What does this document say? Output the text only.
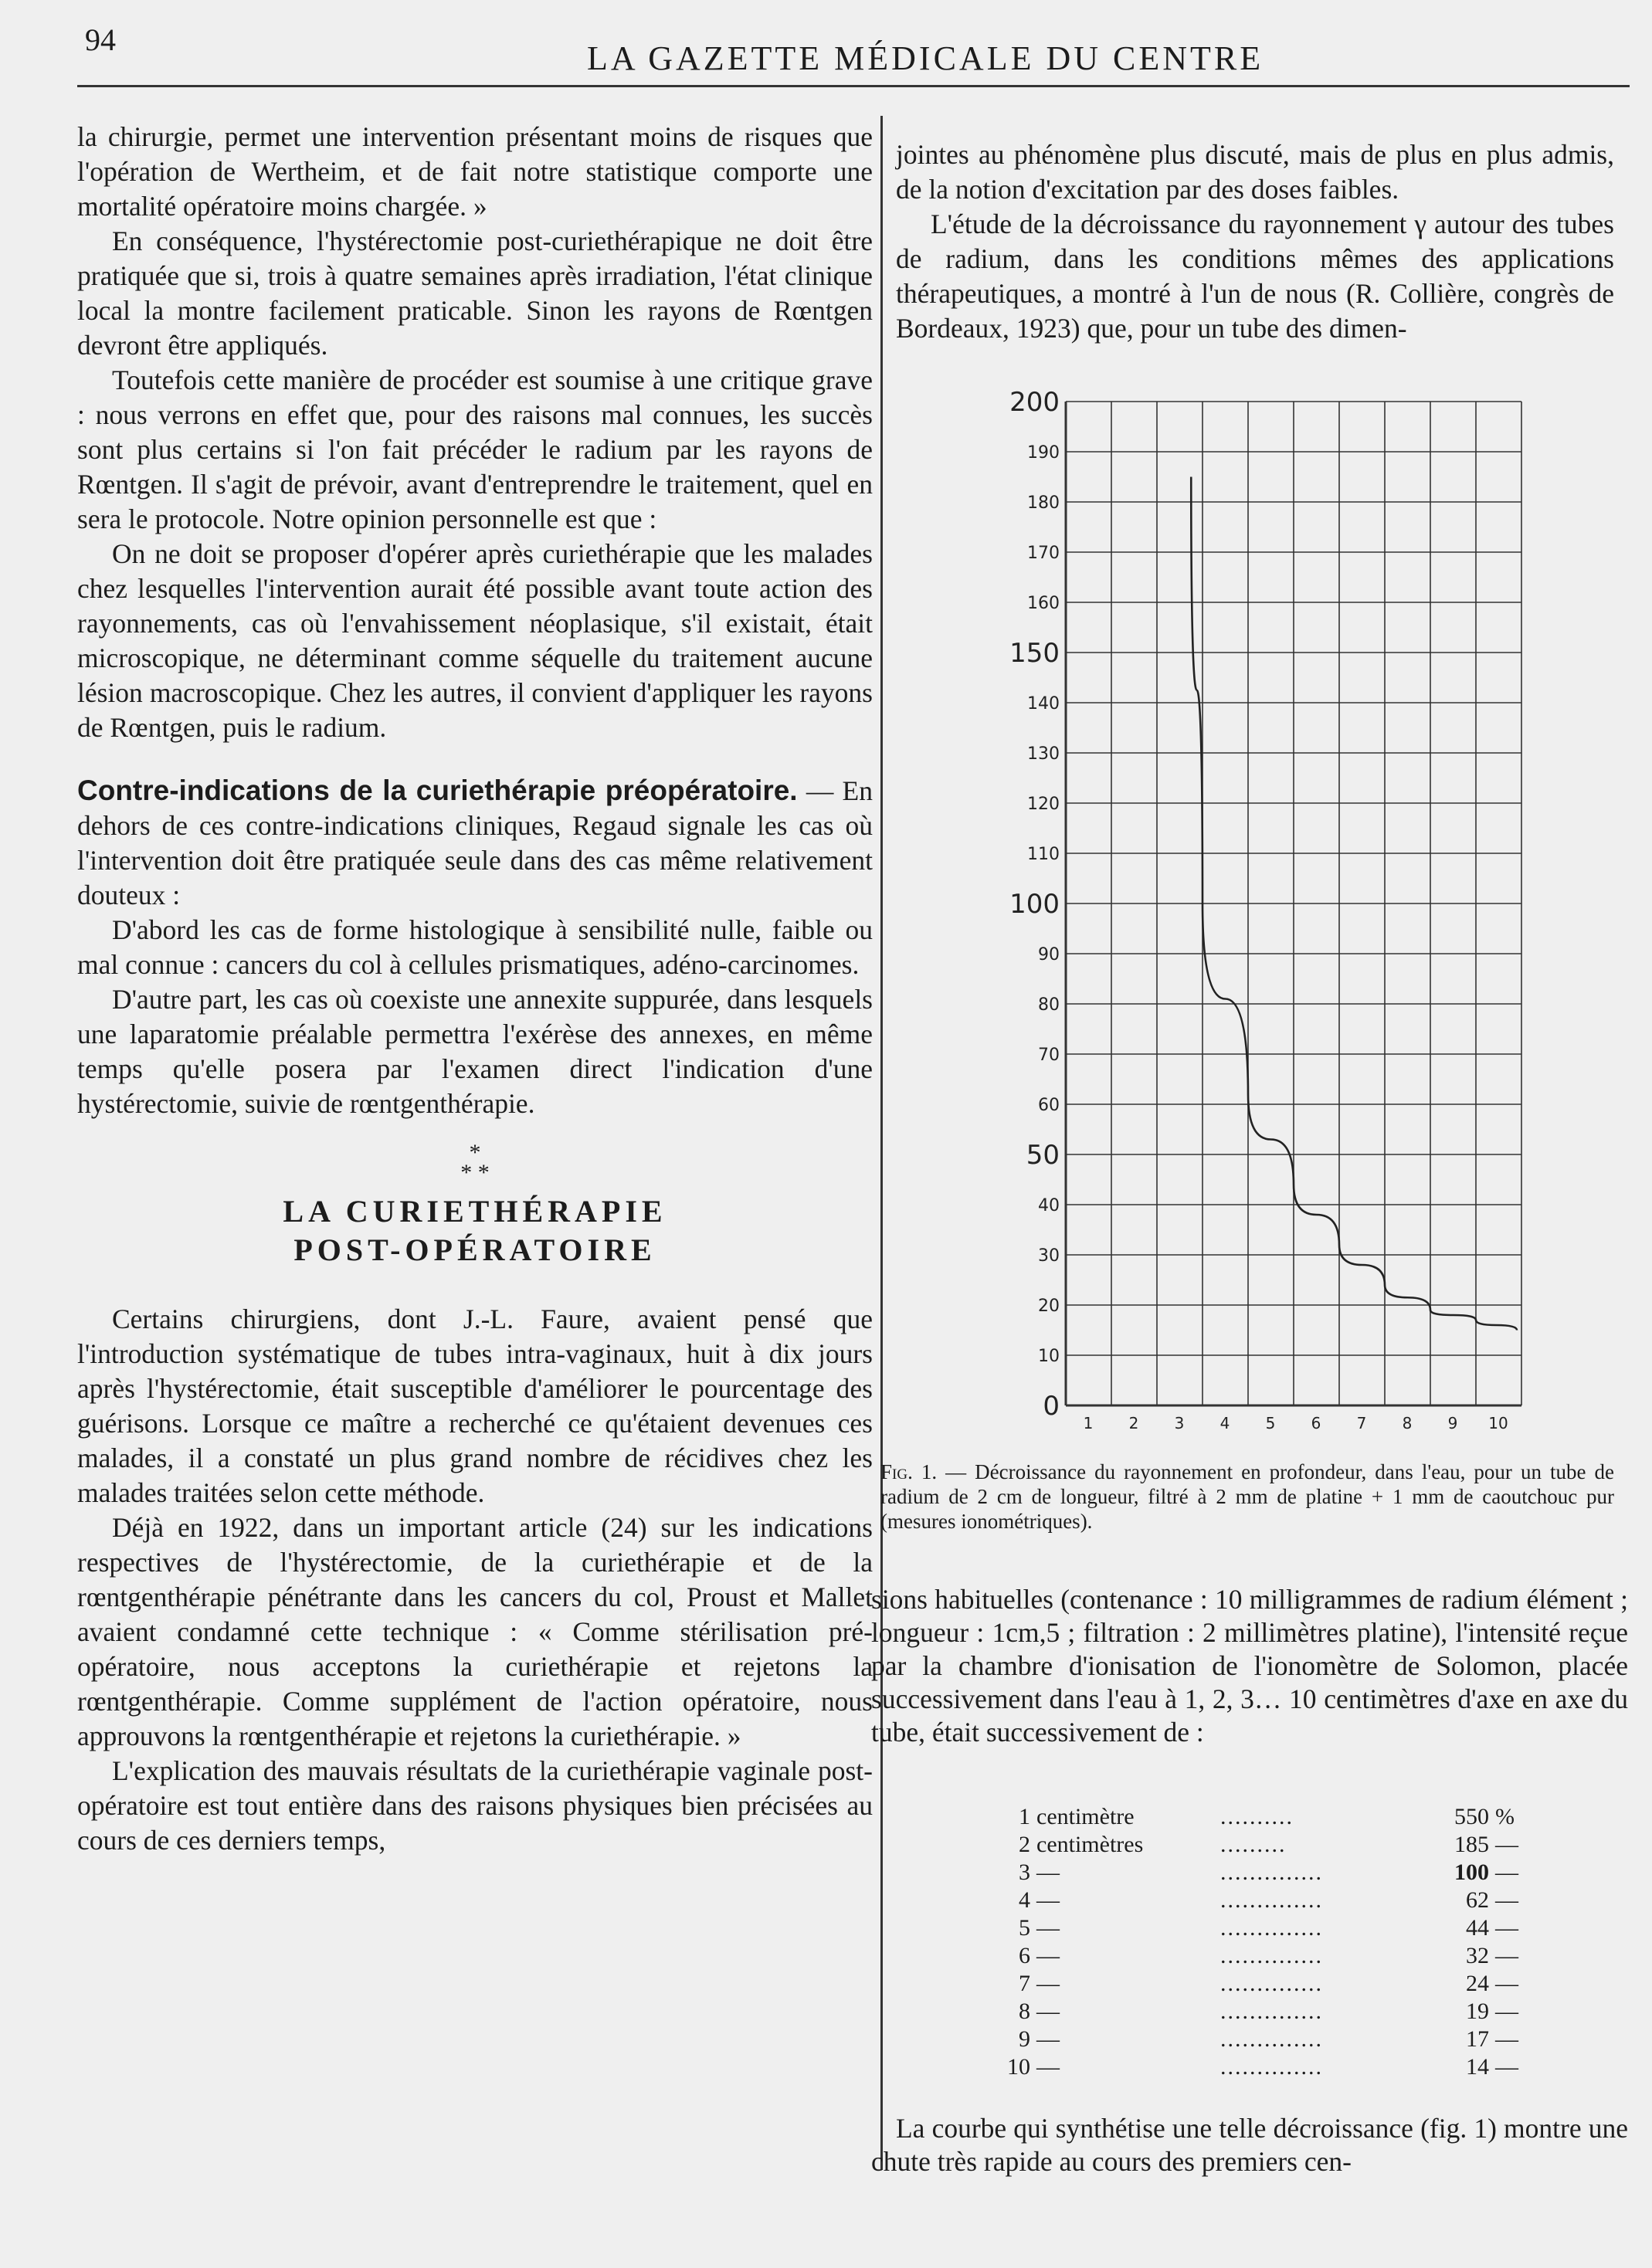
94	LA GAZETTE MÉDICALE DU CENTRE

la chirurgie, permet une intervention présentant moins de risques que l'opération de Wertheim, et de fait notre statistique comporte une mortalité opératoire moins chargée. »

En conséquence, l'hystérectomie post-curiethérapique ne doit être pratiquée que si, trois à quatre semaines après irradiation, l'état clinique local la montre facilement praticable. Sinon les rayons de Rœntgen devront être appliqués.

Toutefois cette manière de procéder est soumise à une critique grave : nous verrons en effet que, pour des raisons mal connues, les succès sont plus certains si l'on fait précéder le radium par les rayons de Rœntgen. Il s'agit de prévoir, avant d'entreprendre le traitement, quel en sera le protocole. Notre opinion personnelle est que :

On ne doit se proposer d'opérer après curiethérapie que les malades chez lesquelles l'intervention aurait été possible avant toute action des rayonnements, cas où l'envahissement néoplasique, s'il existait, était microscopique, ne déterminant comme séquelle du traitement aucune lésion macroscopique. Chez les autres, il convient d'appliquer les rayons de Rœntgen, puis le radium.

Contre-indications de la curiethérapie préopératoire. — En dehors de ces contre-indications cliniques, Regaud signale les cas où l'intervention doit être pratiquée seule dans des cas même relativement douteux :

D'abord les cas de forme histologique à sensibilité nulle, faible ou mal connue : cancers du col à cellules prismatiques, adéno-carcinomes.

D'autre part, les cas où coexiste une annexite suppurée, dans lesquels une laparatomie préalable permettra l'exérèse des annexes, en même temps qu'elle posera par l'examen direct l'indication d'une hystérectomie, suivie de rœntgenthérapie.

*
* *
LA CURIETHÉRAPIE
POST-OPÉRATOIRE

Certains chirurgiens, dont J.-L. Faure, avaient pensé que l'introduction systématique de tubes intra-vaginaux, huit à dix jours après l'hystérectomie, était susceptible d'améliorer le pourcentage des guérisons. Lorsque ce maître a recherché ce qu'étaient devenues ces malades, il a constaté un plus grand nombre de récidives chez les malades traitées selon cette méthode.

Déjà en 1922, dans un important article (24) sur les indications respectives de l'hystérectomie, de la curiethérapie et de la rœntgenthérapie pénétrante dans les cancers du col, Proust et Mallet avaient condamné cette technique : « Comme stérilisation pré-opératoire, nous acceptons la curiethérapie et rejetons la rœntgenthérapie. Comme supplément de l'action opératoire, nous approuvons la rœntgenthérapie et rejetons la curiethérapie. »

L'explication des mauvais résultats de la curiethérapie vaginale post-opératoire est tout entière dans des raisons physiques bien précisées au cours de ces derniers temps,

jointes au phénomène plus discuté, mais de plus en plus admis, de la notion d'excitation par des doses faibles.

L'étude de la décroissance du rayonnement γ autour des tubes de radium, dans les conditions mêmes des applications thérapeutiques, a montré à l'un de nous (R. Collière, congrès de Bordeaux, 1923) que, pour un tube des dimen-

0
10
20
30
40
50
60
70
80
90
100
110
120
130
140
150
160
170
180
190
200
1 2 3 4 5 6 7 8 9 10
Fig. 1. — Décroissance du rayonnement en profondeur, dans l'eau, pour un tube de radium de 2 cm de longueur, filtré à 2 mm de platine + 1 mm de caoutchouc pur (mesures ionométriques).

sions habituelles (contenance : 10 milligrammes de radium élément ; longueur : 1cm,5 ; filtration : 2 millimètres platine), l'intensité reçue par la chambre d'ionisation de l'ionomètre de Solomon, placée successivement dans l'eau à 1, 2, 3… 10 centimètres d'axe en axe du tube, était successivement de :

1	centimètre	..........	550	%
2	centimètres	.........	185	—
3	—	..............	100	—
4	—	..............	62	—
5	—	..............	44	—
6	—	..............	32	—
7	—	..............	24	—
8	—	..............	19	—
9	—	..............	17	—
10	—	..............	14	—

La courbe qui synthétise une telle décroissance (fig. 1) montre une chute très rapide au cours des premiers cen-
